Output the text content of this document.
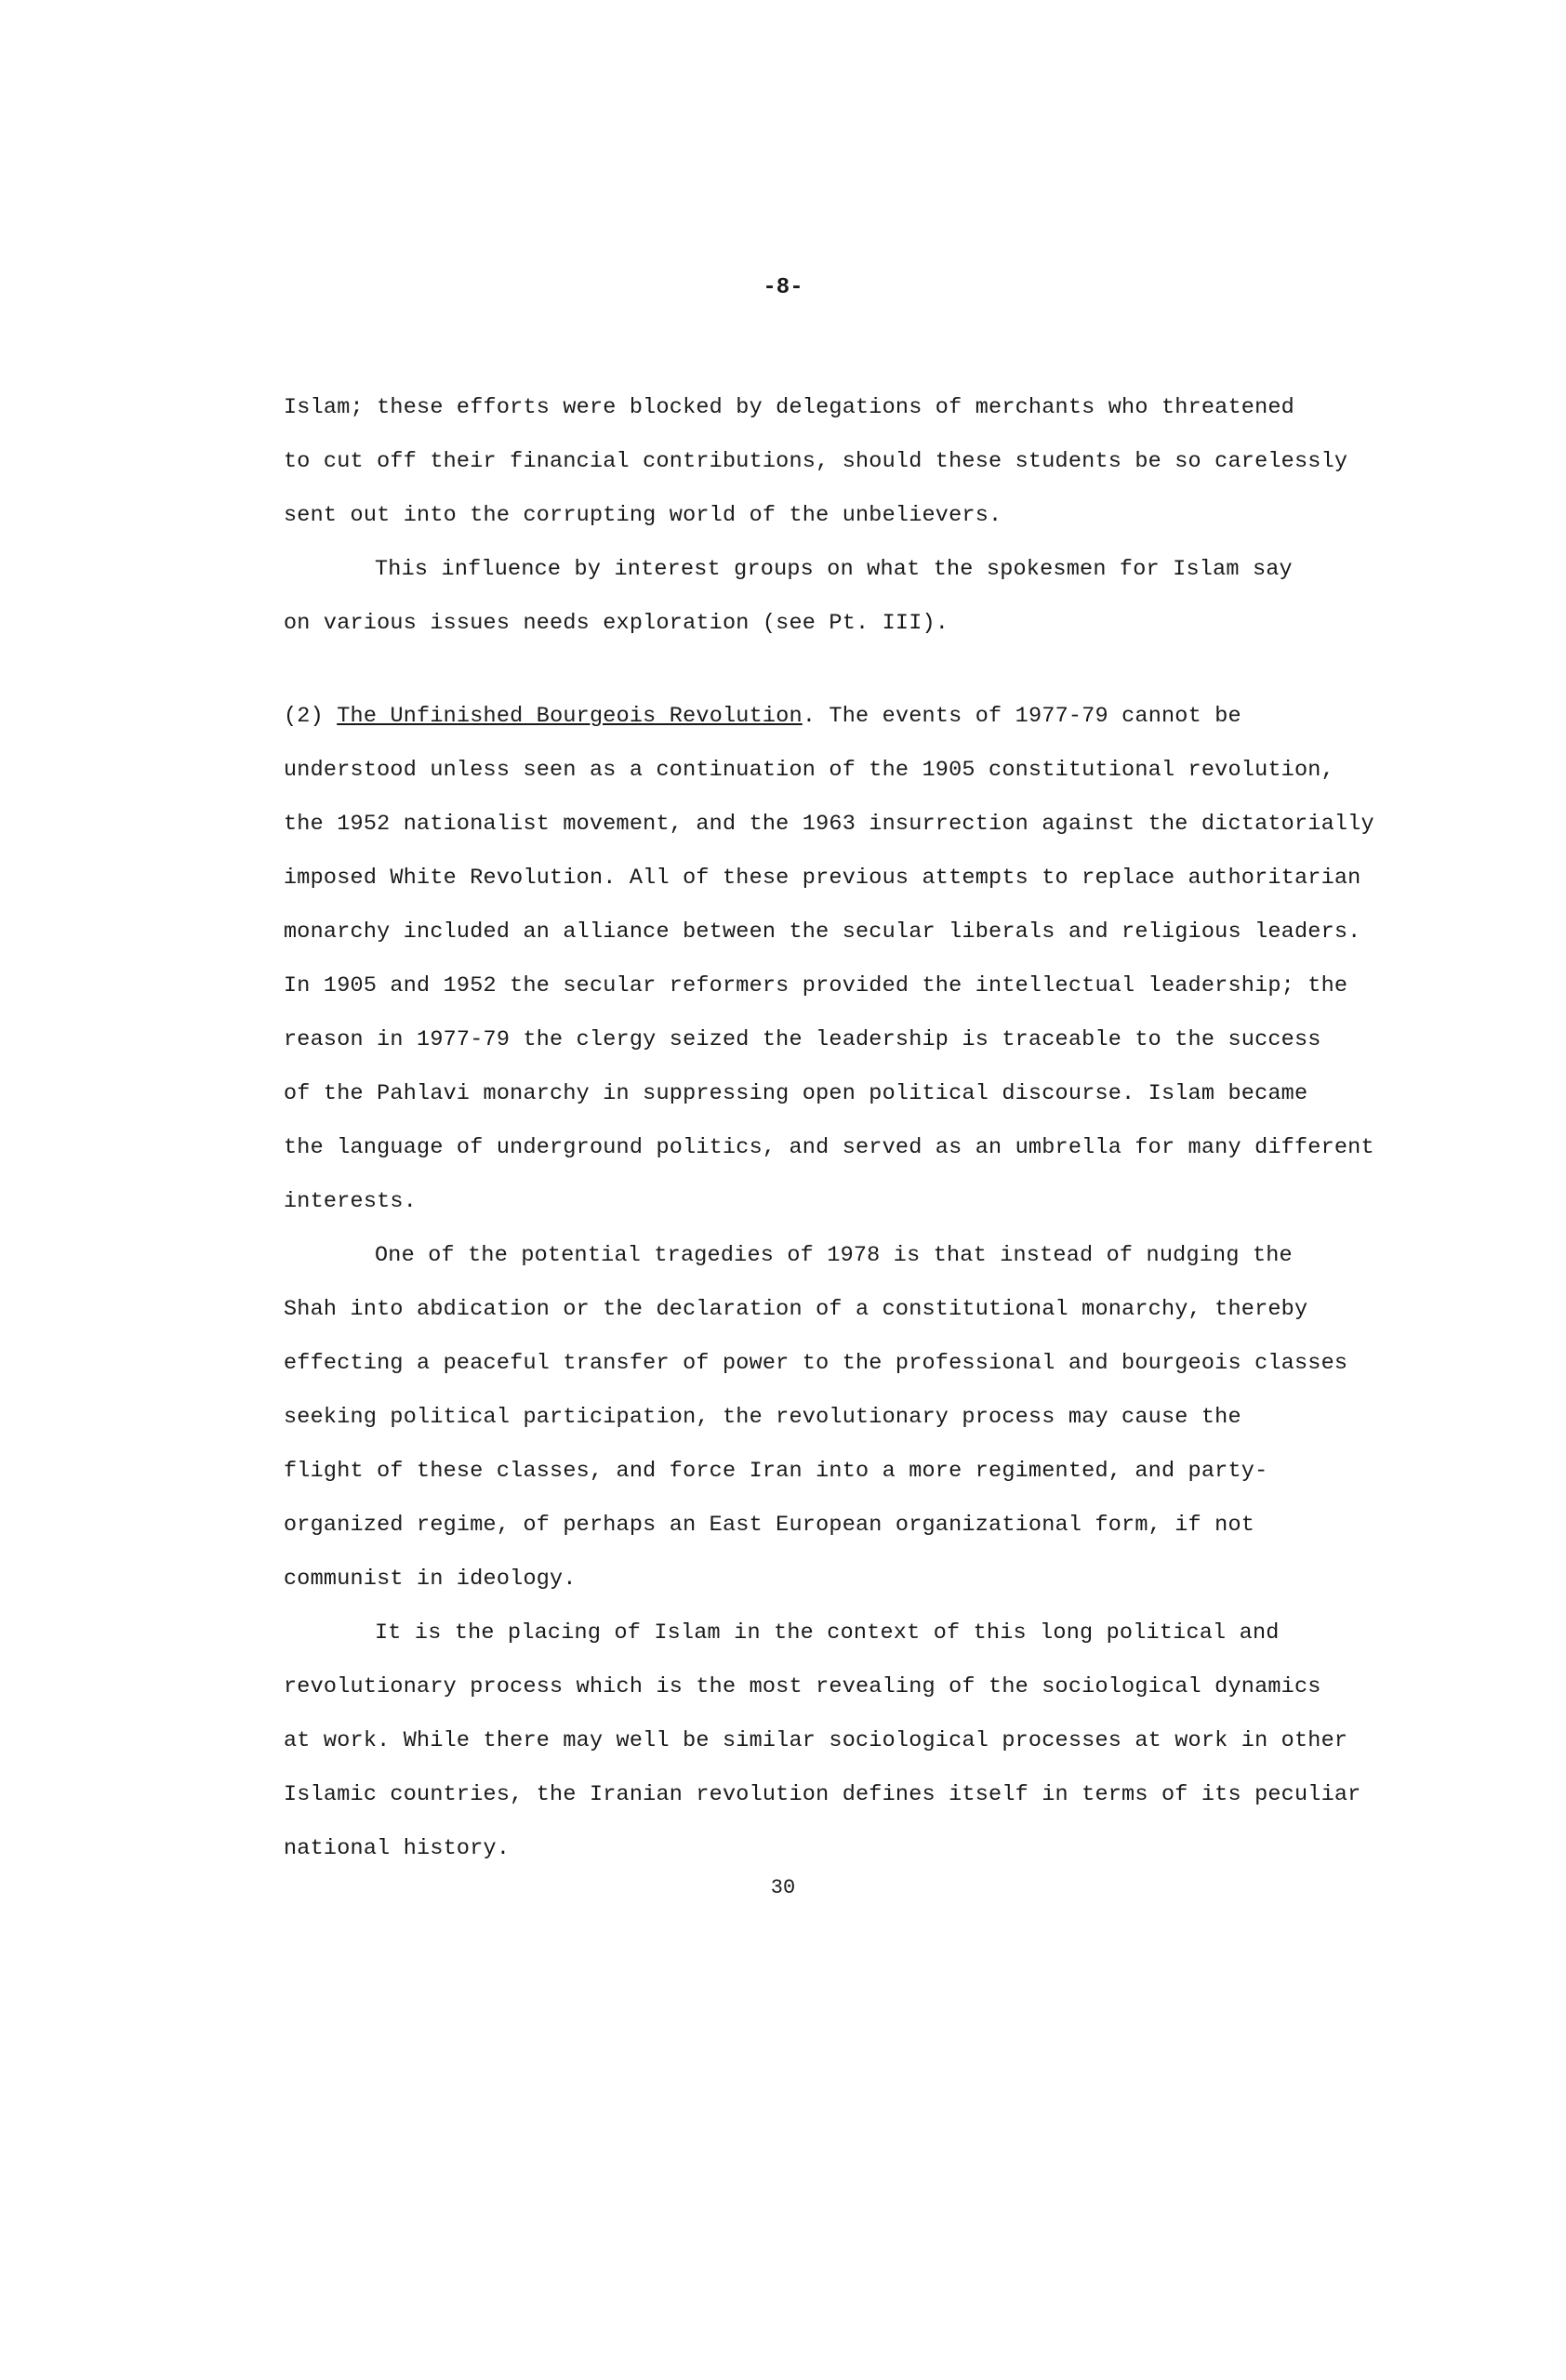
-8-
Islam; these efforts were blocked by delegations of merchants who threatened
to cut off their financial contributions, should these students be so carelessly
sent out into the corrupting world of the unbelievers.
This influence by interest groups on what the spokesmen for Islam say
on various issues needs exploration (see Pt. III).
(2) The Unfinished Bourgeois Revolution. The events of 1977-79 cannot be
understood unless seen as a continuation of the 1905 constitutional revolution,
the 1952 nationalist movement, and the 1963 insurrection against the dictatorially
imposed White Revolution. All of these previous attempts to replace authoritarian
monarchy included an alliance between the secular liberals and religious leaders.
In 1905 and 1952 the secular reformers provided the intellectual leadership; the
reason in 1977-79 the clergy seized the leadership is traceable to the success
of the Pahlavi monarchy in suppressing open political discourse. Islam became
the language of underground politics, and served as an umbrella for many different
interests.
One of the potential tragedies of 1978 is that instead of nudging the
Shah into abdication or the declaration of a constitutional monarchy, thereby
effecting a peaceful transfer of power to the professional and bourgeois classes
seeking political participation, the revolutionary process may cause the
flight of these classes, and force Iran into a more regimented, and party-
organized regime, of perhaps an East European organizational form, if not
communist in ideology.
It is the placing of Islam in the context of this long political and
revolutionary process which is the most revealing of the sociological dynamics
at work. While there may well be similar sociological processes at work in other
Islamic countries, the Iranian revolution defines itself in terms of its peculiar
national history.
30
